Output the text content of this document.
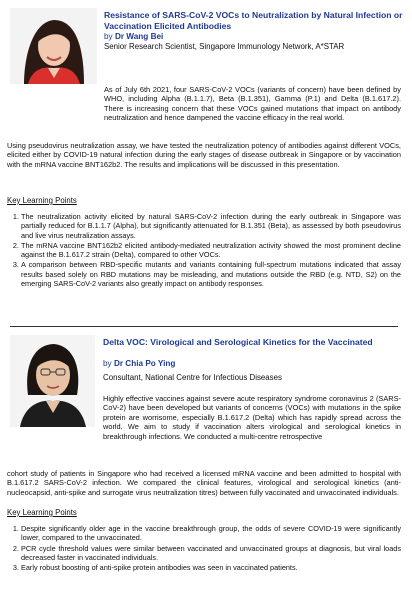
Resistance of SARS-CoV-2 VOCs to Neutralization by Natural Infection or Vaccination Elicited Antibodies
by Dr Wang Bei
Senior Research Scientist, Singapore Immunology Network, A*STAR
As of July 6th 2021, four SARS-CoV-2 VOCs (variants of concern) have been defined by WHO, including Alpha (B.1.1.7), Beta (B.1.351), Gamma (P.1) and Delta (B.1.617.2). There is increasing concern that these VOCs gained mutations that impact on antibody neutralization and hence dampened the vaccine efficacy in the real world.
Using pseudovirus neutralization assay, we have tested the neutralization potency of antibodies against different VOCs, elicited either by COVID-19 natural infection during the early stages of disease outbreak in Singapore or by vaccination with the mRNA vaccine BNT162b2. The results and implications will be discussed in this presentation.
Key Learning Points
1. The neutralization activity elicited by natural SARS-CoV-2 infection during the early outbreak in Singapore was partially reduced for B.1.1.7 (Alpha), but significantly attenuated for B.1.351 (Beta), as assessed by both pseudovirus and live virus neutralization assays.
2. The mRNA vaccine BNT162b2 elicited antibody-mediated neutralization activity showed the most prominent decline against the B.1.617.2 strain (Delta), compared to other VOCs.
3. A comparison between RBD-specific mutants and variants containing full-spectrum mutations indicated that assay results based solely on RBD mutations may be misleading, and mutations outside the RBD (e.g. NTD, S2) on the emerging SARS-CoV-2 variants also greatly impact on antibody responses.
Delta VOC: Virological and Serological Kinetics for the Vaccinated
by Dr Chia Po Ying
Consultant, National Centre for Infectious Diseases
Highly effective vaccines against severe acute respiratory syndrome coronavirus 2 (SARS-CoV-2) have been developed but variants of concerns (VOCs) with mutations in the spike protein are worrisome, especially B.1.617.2 (Delta) which has rapidly spread across the world. We aim to study if vaccination alters virological and serological kinetics in breakthrough infections. We conducted a multi-centre retrospective
cohort study of patients in Singapore who had received a licensed mRNA vaccine and been admitted to hospital with B.1.617.2 SARS-CoV-2 infection. We compared the clinical features, virological and serological kinetics (anti-nucleocapsid, anti-spike and surrogate virus neutralization titres) between fully vaccinated and unvaccinated individuals.
Key Learning Points
1. Despite significantly older age in the vaccine breakthrough group, the odds of severe COVID-19 were significantly lower, compared to the unvaccinated.
2. PCR cycle threshold values were similar between vaccinated and unvaccinated groups at diagnosis, but viral loads decreased faster in vaccinated individuals.
3. Early robust boosting of anti-spike protein antibodies was seen in vaccinated patients.
